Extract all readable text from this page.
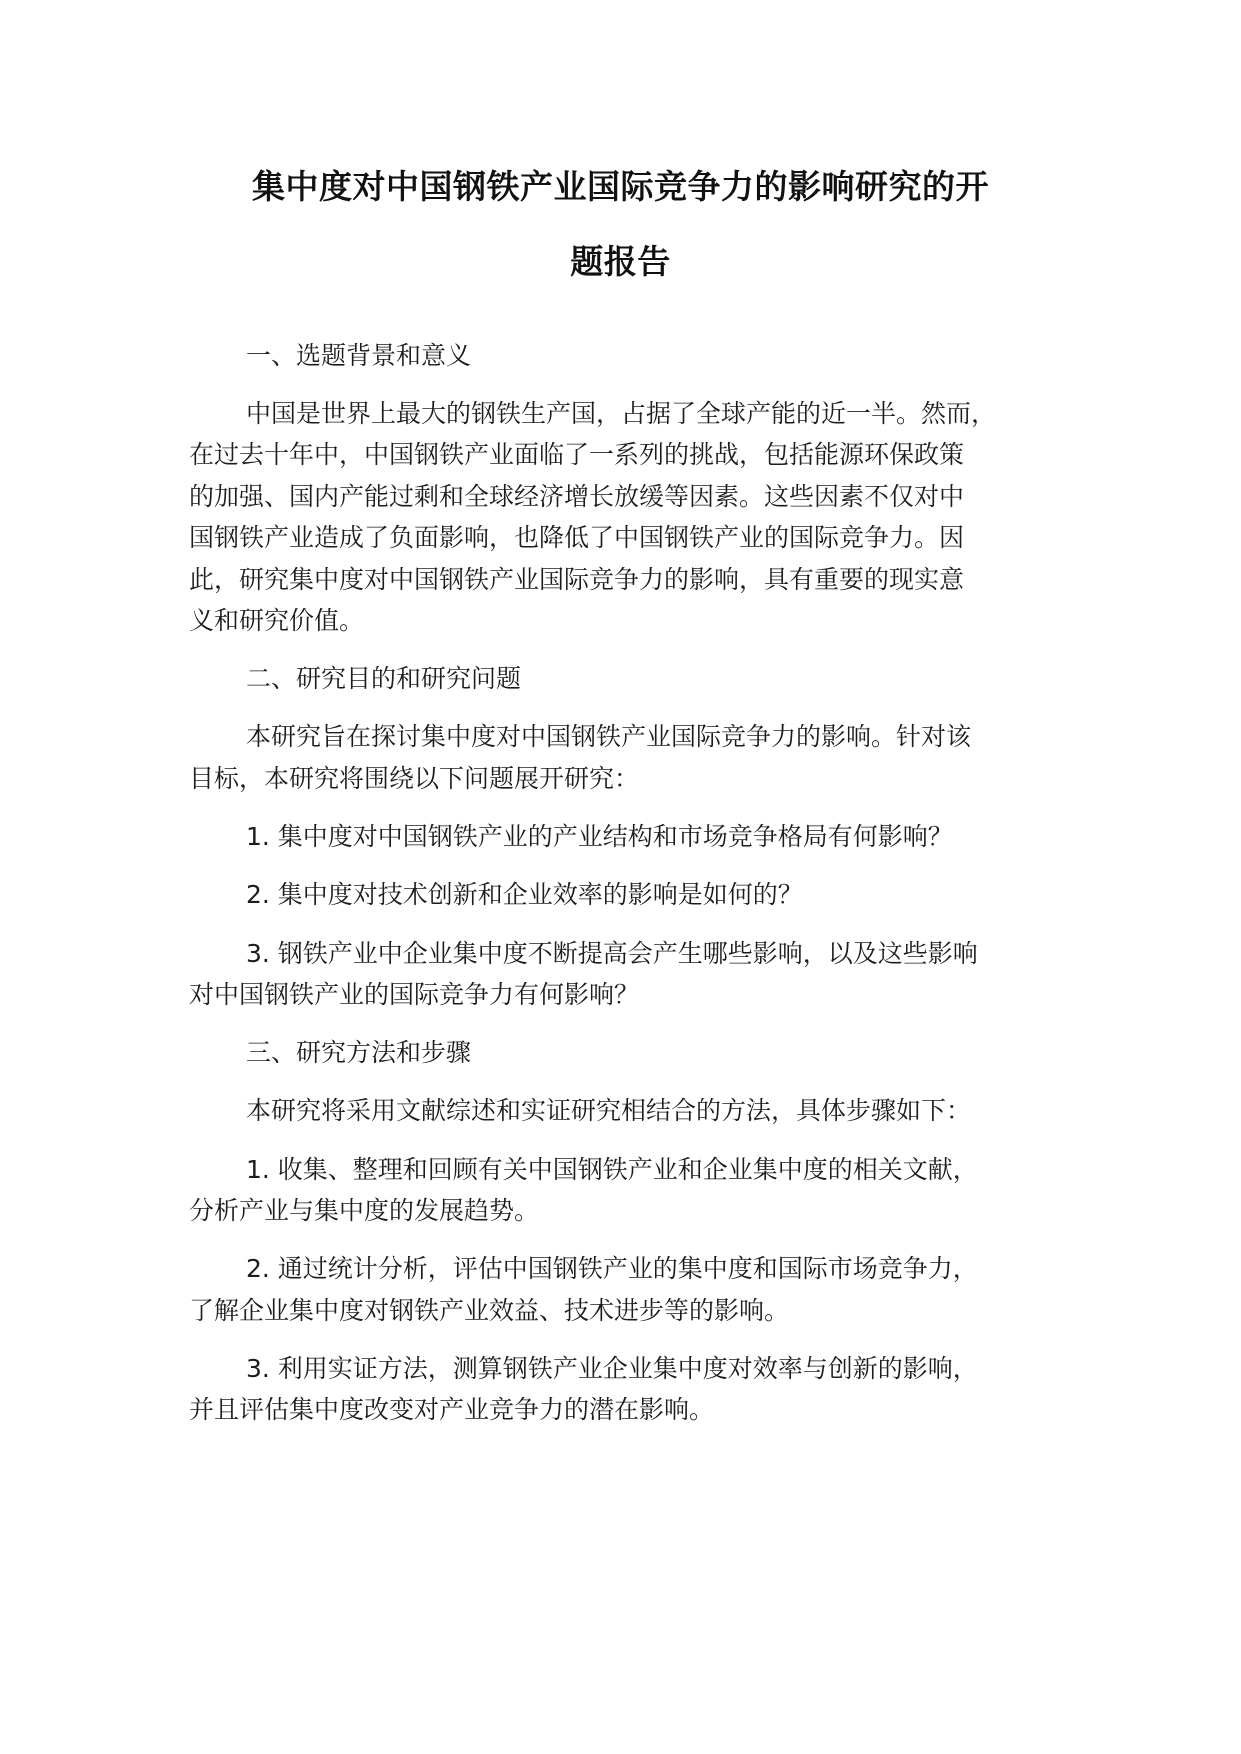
集中度对中国钢铁产业国际竞争力的影响研究的开
题报告
一、选题背景和意义
中国是世界上最大的钢铁生产国，占据了全球产能的近一半。然而，
在过去十年中，中国钢铁产业面临了一系列的挑战，包括能源环保政策
的加强、国内产能过剩和全球经济增长放缓等因素。这些因素不仅对中
国钢铁产业造成了负面影响，也降低了中国钢铁产业的国际竞争力。因
此，研究集中度对中国钢铁产业国际竞争力的影响，具有重要的现实意
义和研究价值。
二、研究目的和研究问题
本研究旨在探讨集中度对中国钢铁产业国际竞争力的影响。针对该
目标，本研究将围绕以下问题展开研究：
1. 集中度对中国钢铁产业的产业结构和市场竞争格局有何影响？
2. 集中度对技术创新和企业效率的影响是如何的？
3. 钢铁产业中企业集中度不断提高会产生哪些影响，以及这些影响
对中国钢铁产业的国际竞争力有何影响？
三、研究方法和步骤
本研究将采用文献综述和实证研究相结合的方法，具体步骤如下：
1. 收集、整理和回顾有关中国钢铁产业和企业集中度的相关文献，
分析产业与集中度的发展趋势。
2. 通过统计分析，评估中国钢铁产业的集中度和国际市场竞争力，
了解企业集中度对钢铁产业效益、技术进步等的影响。
3. 利用实证方法，测算钢铁产业企业集中度对效率与创新的影响，
并且评估集中度改变对产业竞争力的潜在影响。
